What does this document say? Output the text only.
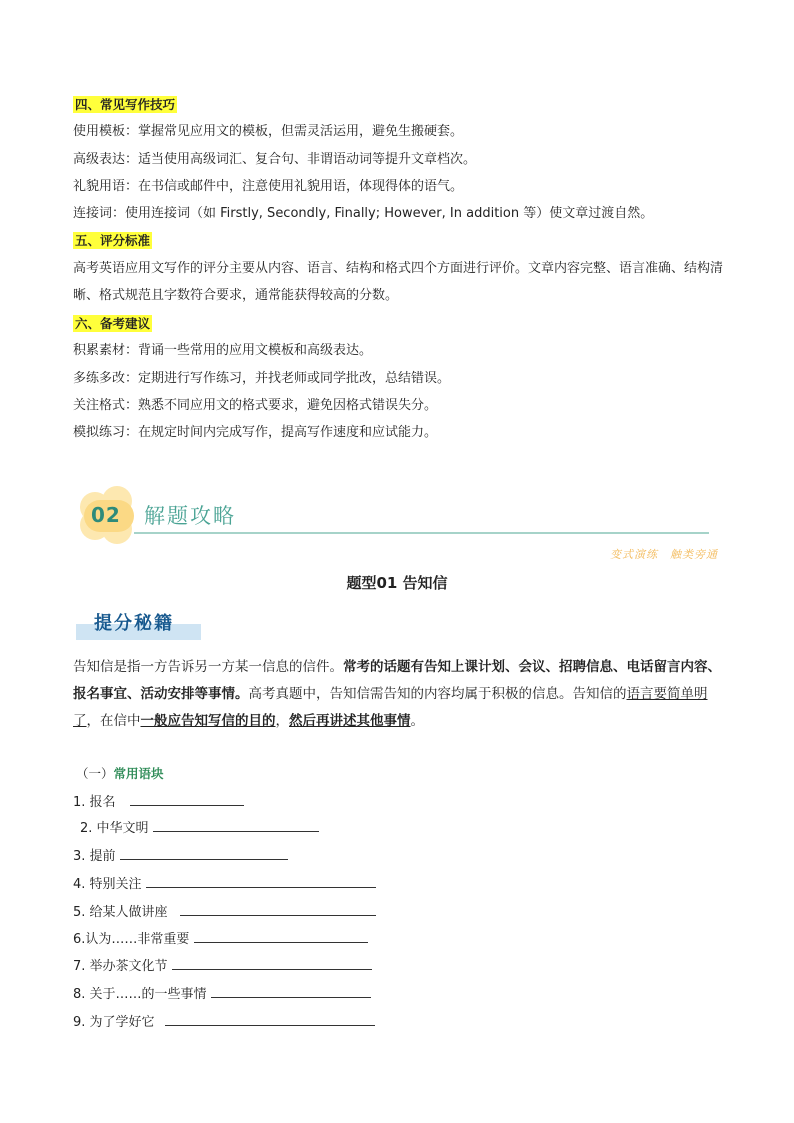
四、常见写作技巧
使用模板：掌握常见应用文的模板，但需灵活运用，避免生搬硬套。
高级表达：适当使用高级词汇、复合句、非谓语动词等提升文章档次。
礼貌用语：在书信或邮件中，注意使用礼貌用语，体现得体的语气。
连接词：使用连接词（如 Firstly, Secondly, Finally; However, In addition 等）使文章过渡自然。
五、评分标准
高考英语应用文写作的评分主要从内容、语言、结构和格式四个方面进行评价。文章内容完整、语言准确、结构清晰、格式规范且字数符合要求，通常能获得较高的分数。
六、备考建议
积累素材：背诵一些常用的应用文模板和高级表达。
多练多改：定期进行写作练习，并找老师或同学批改，总结错误。
关注格式：熟悉不同应用文的格式要求，避免因格式错误失分。
模拟练习：在规定时间内完成写作，提高写作速度和应试能力。
02 解题攻略
变式演练　触类旁通
题型01 告知信
提分秘籍
告知信是指一方告诉另一方某一信息的信件。常考的话题有告知上课计划、会议、招聘信息、电话留言内容、报名事宜、活动安排等事情。高考真题中，告知信需告知的内容均属于积极的信息。告知信的语言要简单明了，在信中一般应告知写信的目的，然后再讲述其他事情。
（一）常用语块
1. 报名
2. 中华文明
3. 提前
4. 特别关注
5. 给某人做讲座
6.认为……非常重要
7. 举办茶文化节
8. 关于……的一些事情
9. 为了学好它
